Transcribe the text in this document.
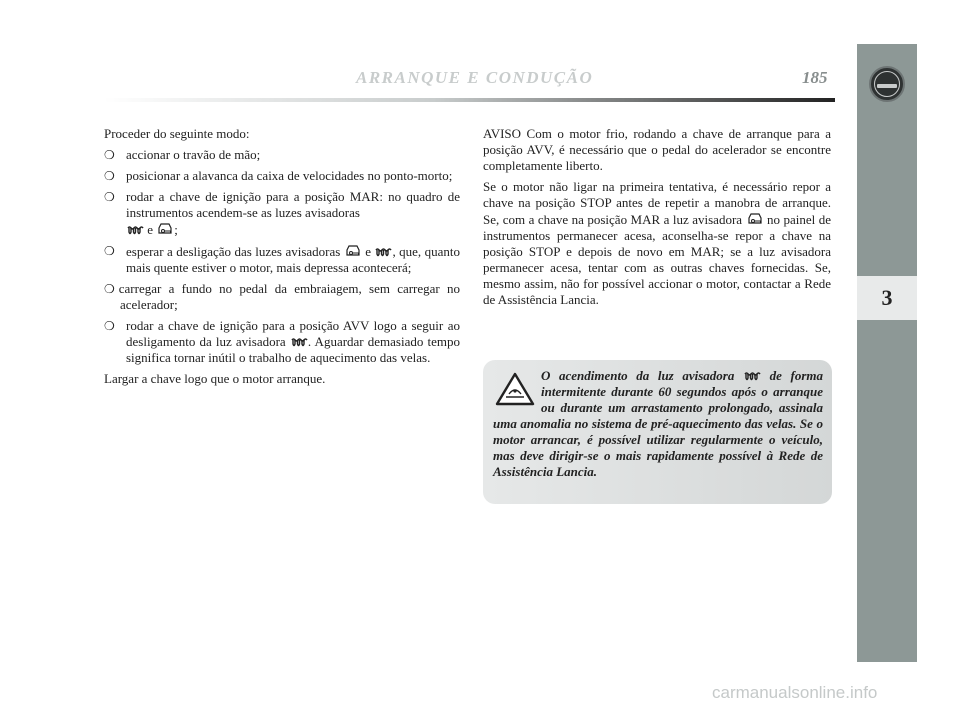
ARRANQUE E CONDUÇÃO	185
3

Proceder do seguinte modo:

❍ accionar o travão de mão;
❍ posicionar a alavanca da caixa de velocidades no ponto-morto;
❍ rodar a chave de ignição para a posição MAR: no quadro de instrumentos acendem-se as luzes avisadoras
e ;
❍ esperar a desligação das luzes avisadoras  e , que, quanto mais quente estiver o motor, mais depressa acontecerá;
❍ carregar a fundo no pedal da embraiagem, sem carregar no acelerador;
❍ rodar a chave de ignição para a posição AVV logo a seguir ao desligamento da luz avisadora . Aguardar demasiado tempo significa tornar inútil o trabalho de aquecimento das velas.

Largar a chave logo que o motor arranque.

AVISO Com o motor frio, rodando a chave de arranque para a posição AVV, é necessário que o pedal do acelerador se encontre completamente liberto.

Se o motor não ligar na primeira tentativa, é necessário repor a chave na posição STOP antes de repetir a manobra de arranque. Se, com a chave na posição MAR a luz avisadora  no painel de instrumentos permanecer acesa, aconselha-se repor a chave na posição STOP e depois de novo em MAR; se a luz avisadora permanecer acesa, tentar com as outras chaves fornecidas. Se, mesmo assim, não for possível accionar o motor, contactar a Rede de Assistência Lancia.

O acendimento da luz avisadora  de forma intermitente durante 60 segundos após o arranque ou durante um arrastamento prolongado, assinala uma anomalia no sistema de pré-aquecimento das velas. Se o motor arrancar, é possível utilizar regularmente o veículo, mas deve dirigir-se o mais rapidamente possível à Rede de Assistência Lancia.
carmanualsonline.info
